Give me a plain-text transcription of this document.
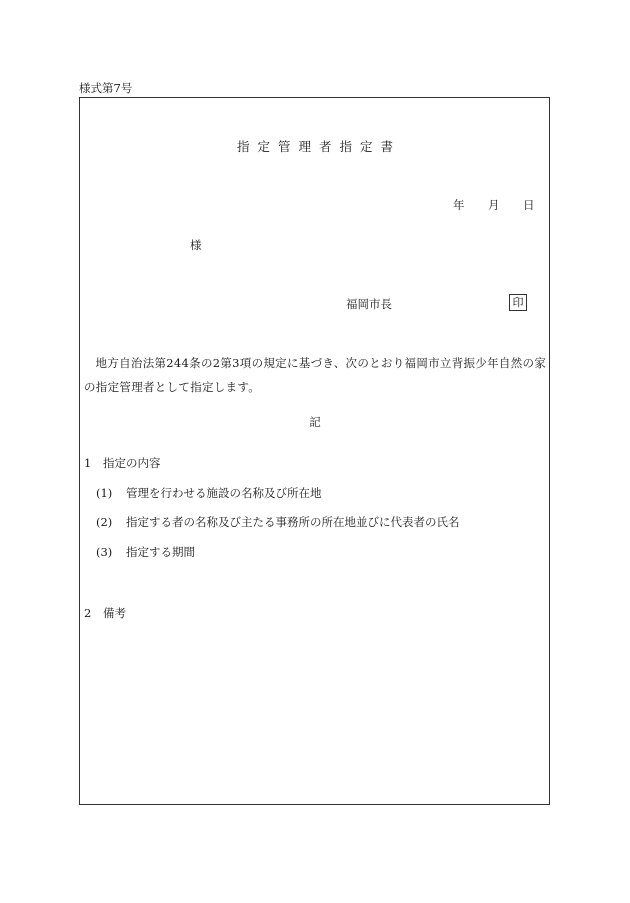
様式第7号
指定管理者指定書
年 月 日
様
福岡市長	印
地方自治法第244条の2第3項の規定に基づき、次のとおり福岡市立背振少年自然の家の指定管理者として指定します。
記
1 指定の内容
(1) 管理を行わせる施設の名称及び所在地
(2) 指定する者の名称及び主たる事務所の所在地並びに代表者の氏名
(3) 指定する期間
2 備考
